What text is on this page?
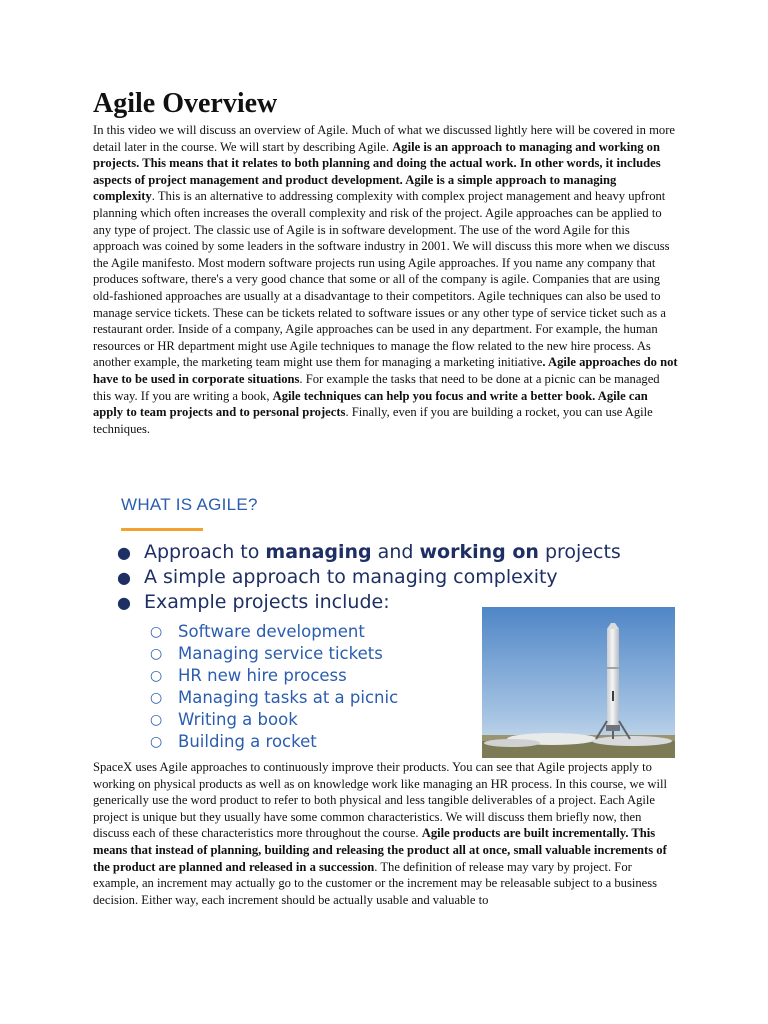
Agile Overview

In this video we will discuss an overview of Agile. Much of what we discussed lightly here will be covered in more detail later in the course. We will start by describing Agile. Agile is an approach to managing and working on projects. This means that it relates to both planning and doing the actual work. In other words, it includes aspects of project management and product development. Agile is a simple approach to managing complexity. This is an alternative to addressing complexity with complex project management and heavy upfront planning which often increases the overall complexity and risk of the project. Agile approaches can be applied to any type of project. The classic use of Agile is in software development. The use of the word Agile for this approach was coined by some leaders in the software industry in 2001. We will discuss this more when we discuss the Agile manifesto. Most modern software projects run using Agile approaches. If you name any company that produces software, there's a very good chance that some or all of the company is agile. Companies that are using old-fashioned approaches are usually at a disadvantage to their competitors. Agile techniques can also be used to manage service tickets. These can be tickets related to software issues or any other type of service ticket such as a restaurant order. Inside of a company, Agile approaches can be used in any department. For example, the human resources or HR department might use Agile techniques to manage the flow related to the new hire process. As another example, the marketing team might use them for managing a marketing initiative. Agile approaches do not have to be used in corporate situations. For example the tasks that need to be done at a picnic can be managed this way. If you are writing a book, Agile techniques can help you focus and write a better book. Agile can apply to team projects and to personal projects. Finally, even if you are building a rocket, you can use Agile techniques.

WHAT IS AGILE?

● Approach to managing and working on projects
● A simple approach to managing complexity
● Example projects include:
○ Software development
○ Managing service tickets
○ HR new hire process
○ Managing tasks at a picnic
○ Writing a book
○ Building a rocket

SpaceX uses Agile approaches to continuously improve their products. You can see that Agile projects apply to working on physical products as well as on knowledge work like managing an HR process. In this course, we will generically use the word product to refer to both physical and less tangible deliverables of a project. Each Agile project is unique but they usually have some common characteristics. We will discuss them briefly now, then discuss each of these characteristics more throughout the course. Agile products are built incrementally. This means that instead of planning, building and releasing the product all at once, small valuable increments of the product are planned and released in a succession. The definition of release may vary by project. For example, an increment may actually go to the customer or the increment may be releasable subject to a business decision. Either way, each increment should be actually usable and valuable to
